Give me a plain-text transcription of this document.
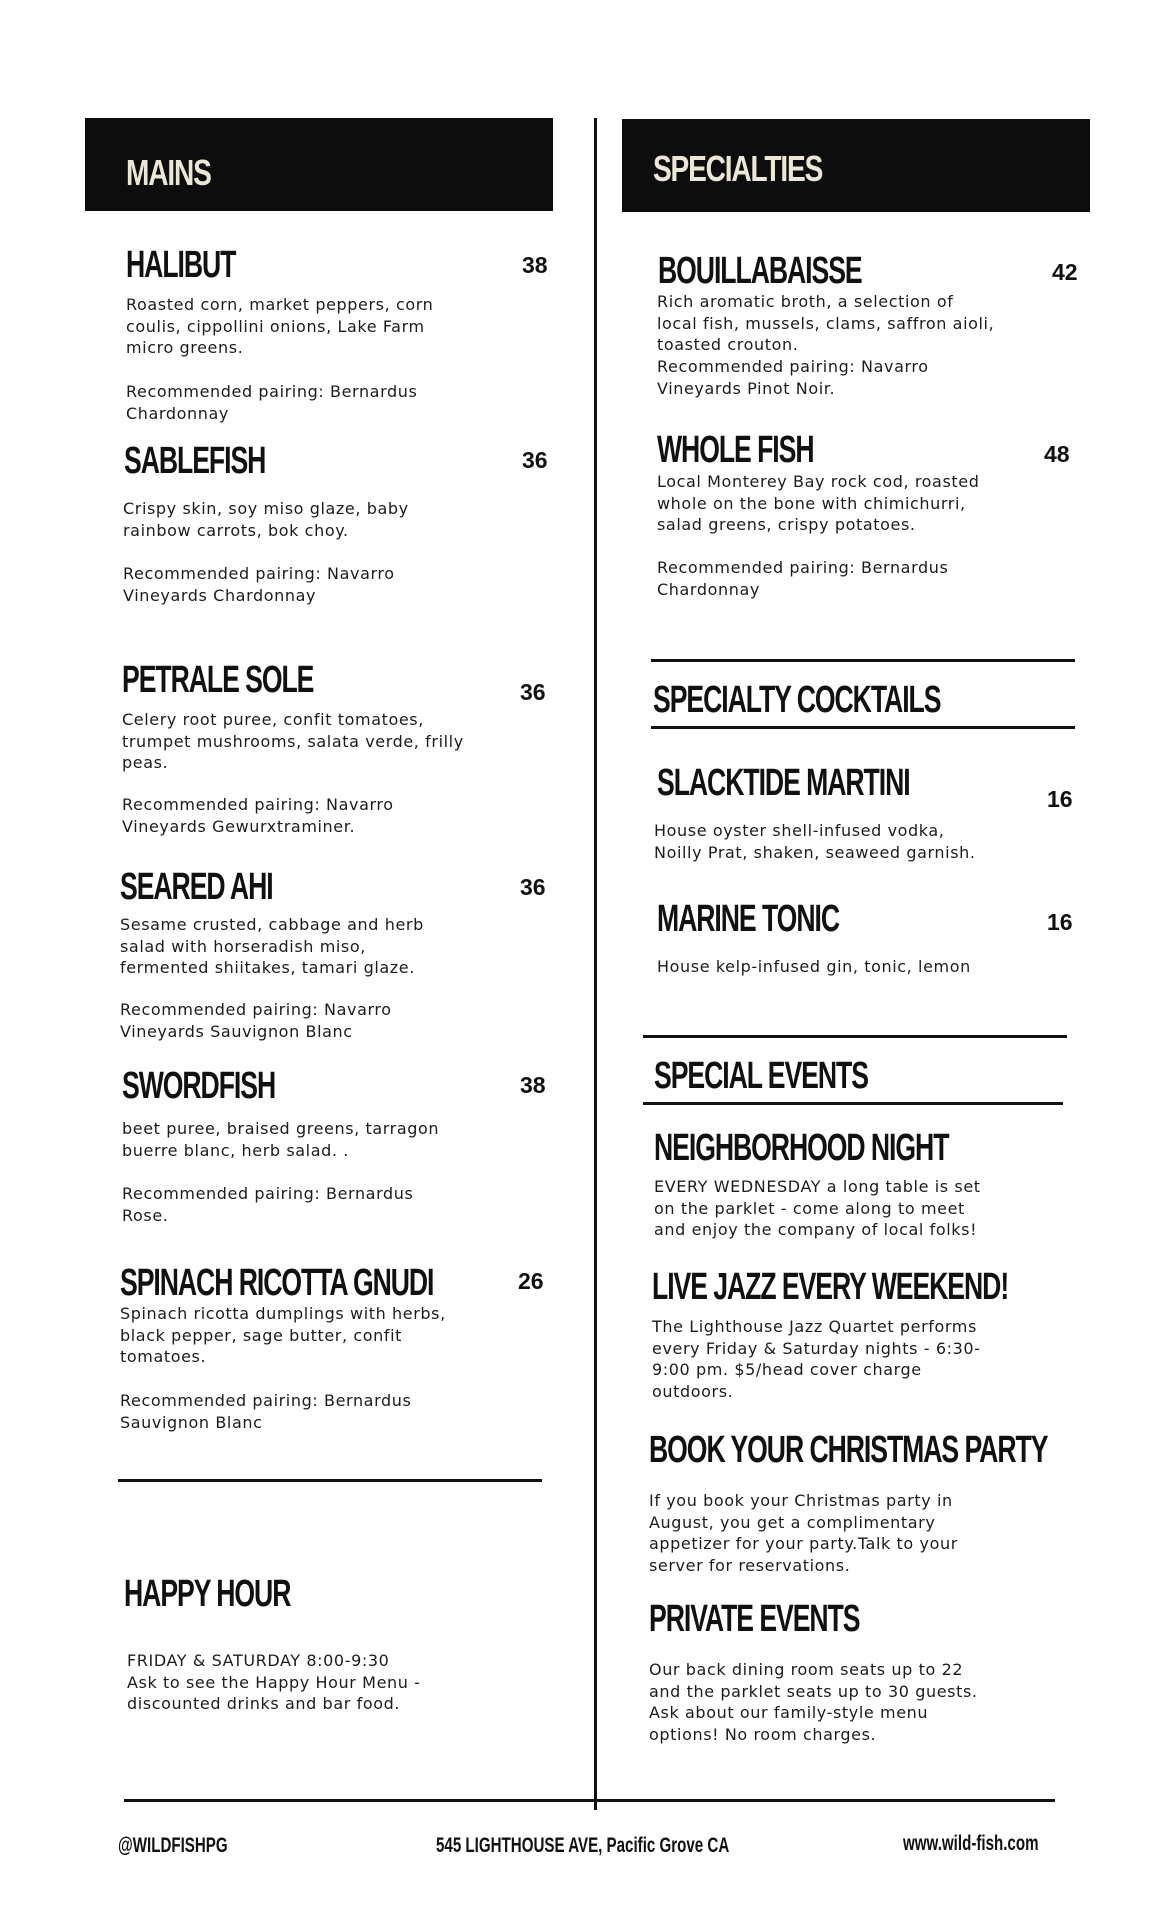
MAINS
HALIBUT	38
Roasted corn, market peppers, corn
coulis, cippollini onions, Lake Farm
micro greens.
Recommended pairing: Bernardus
Chardonnay
SABLEFISH	36
Crispy skin, soy miso glaze, baby
rainbow carrots, bok choy.
Recommended pairing: Navarro
Vineyards Chardonnay
PETRALE SOLE	36
Celery root puree, confit tomatoes,
trumpet mushrooms, salata verde, frilly
peas.
Recommended pairing: Navarro
Vineyards Gewurxtraminer.
SEARED AHI	36
Sesame crusted, cabbage and herb
salad with horseradish miso,
fermented shiitakes, tamari glaze.
Recommended pairing: Navarro
Vineyards Sauvignon Blanc
SWORDFISH	38
beet puree, braised greens, tarragon
buerre blanc, herb salad. .
Recommended pairing: Bernardus
Rose.
SPINACH RICOTTA GNUDI	26
Spinach ricotta dumplings with herbs,
black pepper, sage butter, confit
tomatoes.
Recommended pairing: Bernardus
Sauvignon Blanc
HAPPY HOUR
FRIDAY & SATURDAY 8:00-9:30
Ask to see the Happy Hour Menu -
discounted drinks and bar food.
SPECIALTIES
BOUILLABAISSE	42
Rich aromatic broth, a selection of
local fish, mussels, clams, saffron aioli,
toasted crouton.
Recommended pairing: Navarro
Vineyards Pinot Noir.
WHOLE FISH	48
Local Monterey Bay rock cod, roasted
whole on the bone with chimichurri,
salad greens, crispy potatoes.
Recommended pairing: Bernardus
Chardonnay
SPECIALTY COCKTAILS
SLACKTIDE MARTINI	16
House oyster shell-infused vodka,
Noilly Prat, shaken, seaweed garnish.
MARINE TONIC	16
House kelp-infused gin, tonic, lemon
SPECIAL EVENTS
NEIGHBORHOOD NIGHT
EVERY WEDNESDAY a long table is set
on the parklet - come along to meet
and enjoy the company of local folks!
LIVE JAZZ EVERY WEEKEND!
The Lighthouse Jazz Quartet performs
every Friday & Saturday nights - 6:30-
9:00 pm. $5/head cover charge
outdoors.
BOOK YOUR CHRISTMAS PARTY
If you book your Christmas party in
August, you get a complimentary
appetizer for your party.Talk to your
server for reservations.
PRIVATE EVENTS
Our back dining room seats up to 22
and the parklet seats up to 30 guests.
Ask about our family-style menu
options! No room charges.
@WILDFISHPG	545 LIGHTHOUSE AVE, Pacific Grove CA	www.wild-fish.com
